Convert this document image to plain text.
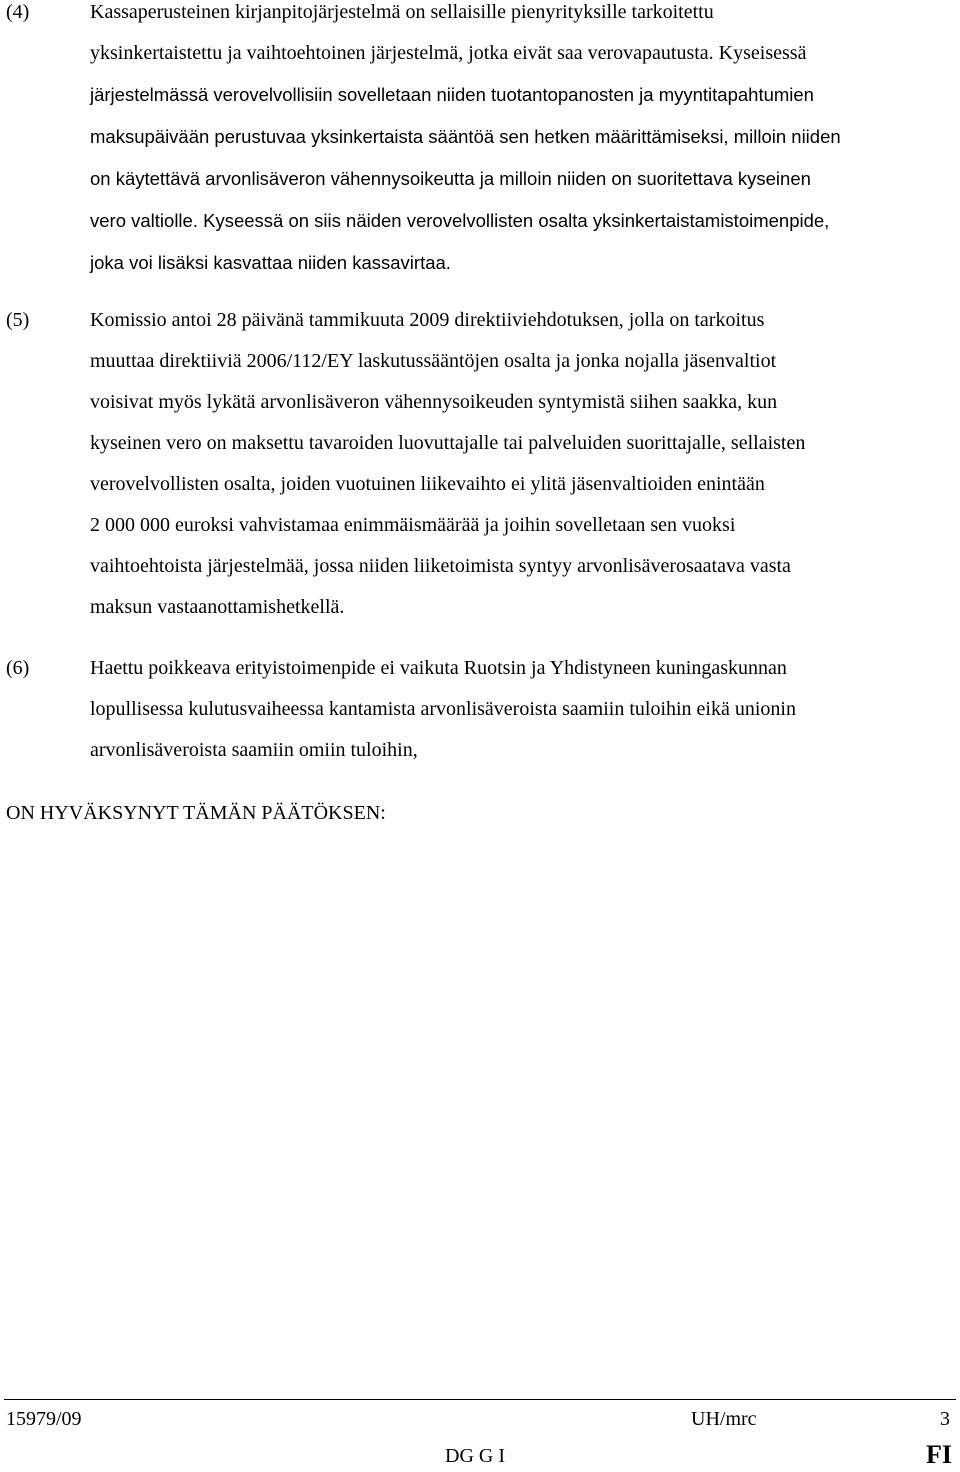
(4)	Kassaperusteinen kirjanpitojärjestelmä on sellaisille pienyrityksille tarkoitettu
yksinkertaistettu ja vaihtoehtoinen järjestelmä, jotka eivät saa verovapautusta. Kyseisessä
järjestelmässä verovelvollisiin sovelletaan niiden tuotantopanosten ja myyntitapahtumien
maksupäivään perustuvaa yksinkertaista sääntöä sen hetken määrittämiseksi, milloin niiden
on käytettävä arvonlisäveron vähennysoikeutta ja milloin niiden on suoritettava kyseinen
vero valtiolle. Kyseessä on siis näiden verovelvollisten osalta yksinkertaistamistoimenpide,
joka voi lisäksi kasvattaa niiden kassavirtaa.
(5)	Komissio antoi 28 päivänä tammikuuta 2009 direktiiviehdotuksen, jolla on tarkoitus
muuttaa direktiiviä 2006/112/EY laskutussääntöjen osalta ja jonka nojalla jäsenvaltiot
voisivat myös lykätä arvonlisäveron vähennysoikeuden syntymistä siihen saakka, kun
kyseinen vero on maksettu tavaroiden luovuttajalle tai palveluiden suorittajalle, sellaisten
verovelvollisten osalta, joiden vuotuinen liikevaihto ei ylitä jäsenvaltioiden enintään
2 000 000 euroksi vahvistamaa enimmäismäärää ja joihin sovelletaan sen vuoksi
vaihtoehtoista järjestelmää, jossa niiden liiketoimista syntyy arvonlisäverosaatava vasta
maksun vastaanottamishetkellä.
(6)	Haettu poikkeava erityistoimenpide ei vaikuta Ruotsin ja Yhdistyneen kuningaskunnan
lopullisessa kulutusvaiheessa kantamista arvonlisäveroista saamiin tuloihin eikä unionin
arvonlisäveroista saamiin omiin tuloihin,
ON HYVÄKSYNYT TÄMÄN PÄÄTÖKSEN:
15979/09	UH/mrc	3
DG G I	FI
